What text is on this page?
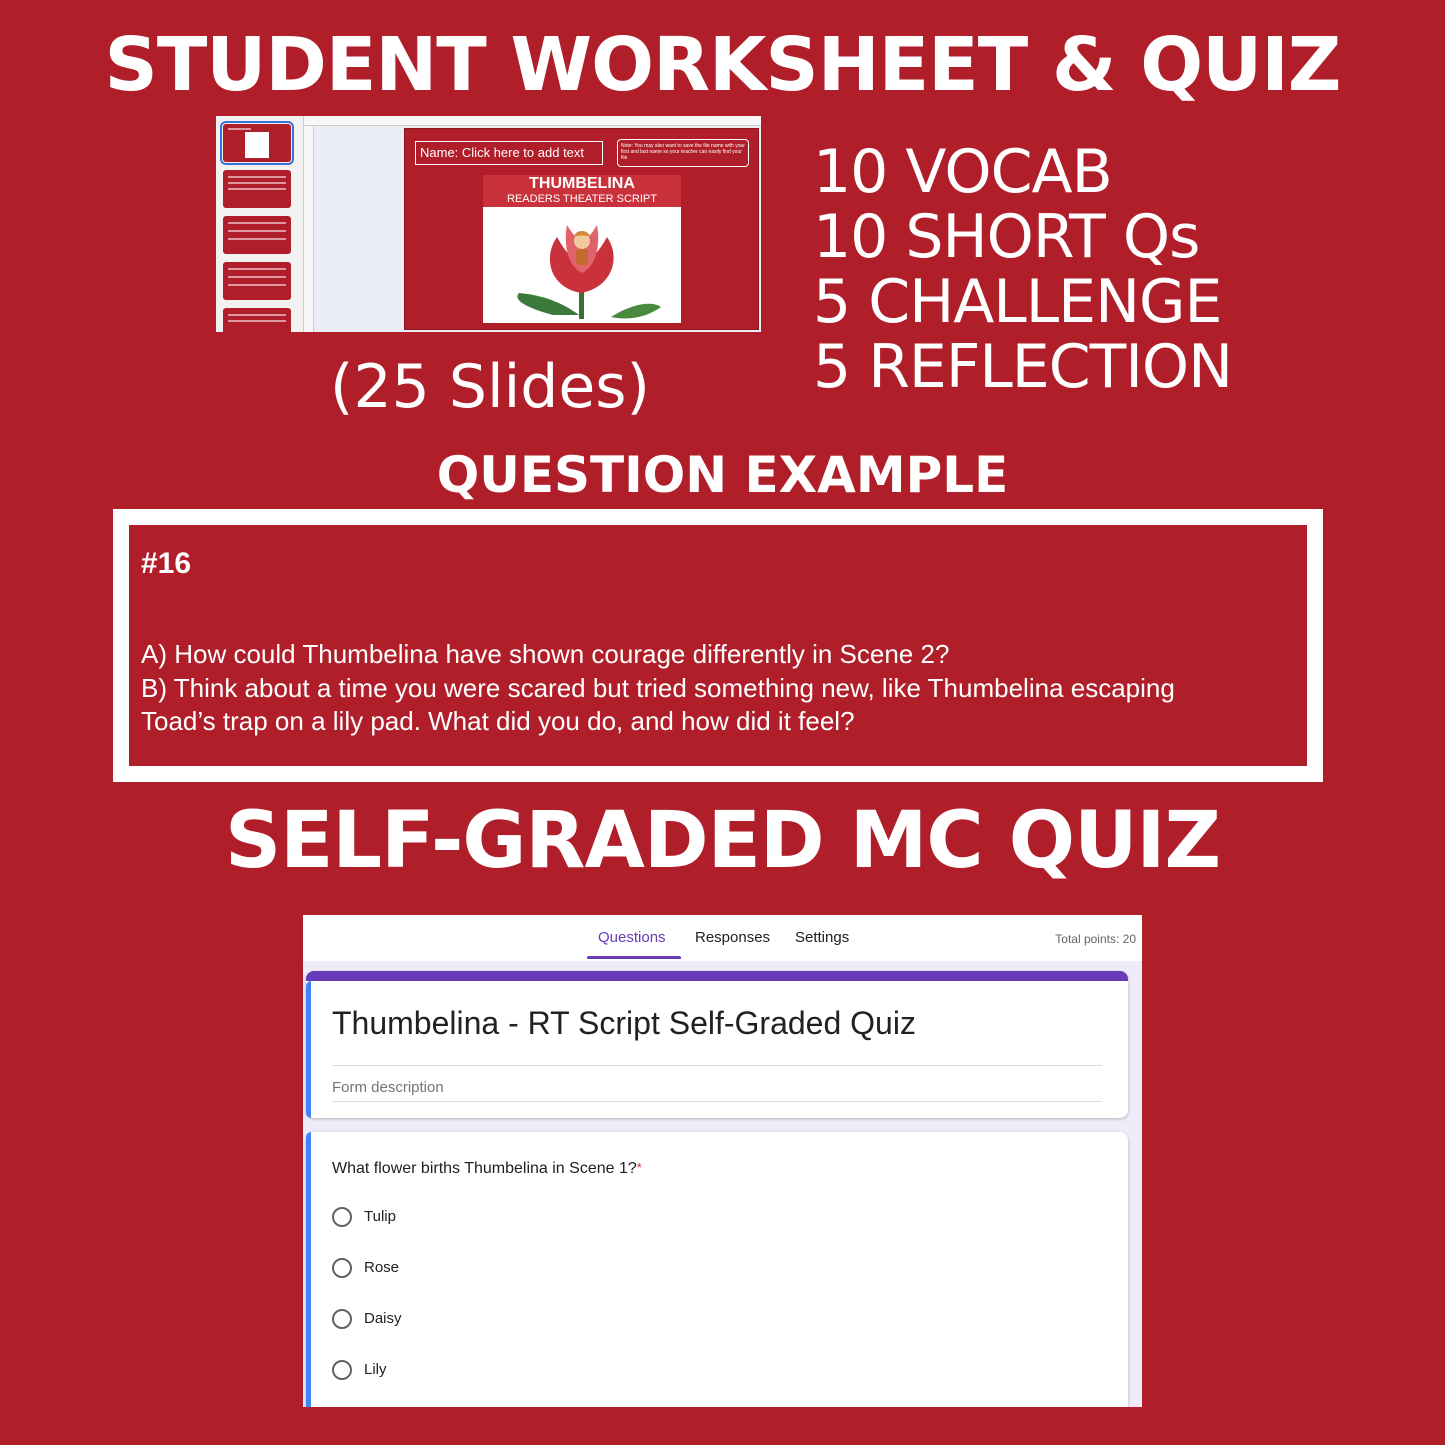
STUDENT WORKSHEET & QUIZ
Name: Click here to add text	Note: You may also want to save the file name with your first and last name so your teacher can easily find your file
THUMBELINA
READERS THEATER SCRIPT
(25 Slides)
10 VOCAB
10 SHORT Qs
5 CHALLENGE
5 REFLECTION
QUESTION EXAMPLE
#16
A) How could Thumbelina have shown courage differently in Scene 2?
B) Think about a time you were scared but tried something new, like Thumbelina escaping
Toad’s trap on a lily pad. What did you do, and how did it feel?
SELF-GRADED MC QUIZ
Questions Responses Settings	Total points: 20
Thumbelina - RT Script Self-Graded Quiz
Form description
What flower births Thumbelina in Scene 1?*
Tulip
Rose
Daisy
Lily
